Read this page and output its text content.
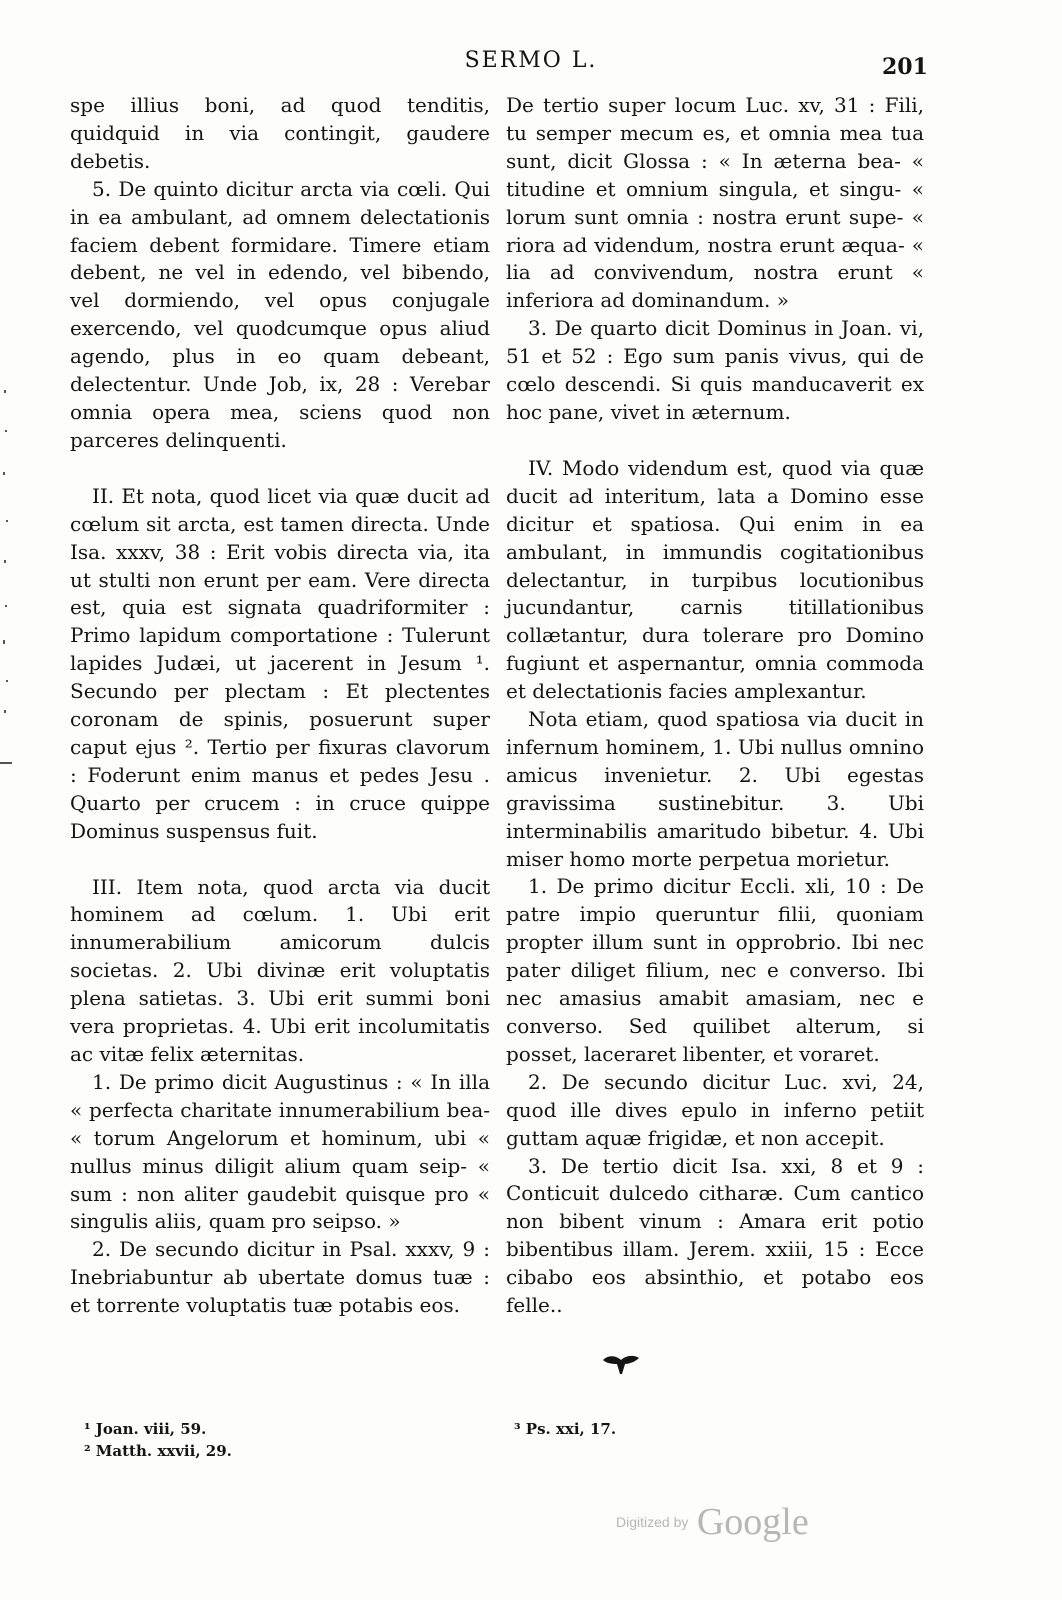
SERMO L.	201

spe illius boni, ad quod tenditis, quidquid in via contingit, gaudere debetis.

5. De quinto dicitur arcta via cœli. Qui in ea ambulant, ad omnem delectationis faciem debent formidare. Timere etiam debent, ne vel in edendo, vel bibendo, vel dormiendo, vel opus conjugale exercendo, vel quodcumque opus aliud agendo, plus in eo quam debeant, delectentur. Unde Job, ix, 28 : Verebar omnia opera mea, sciens quod non parceres delinquenti.

II. Et nota, quod licet via quæ ducit ad cœlum sit arcta, est tamen directa. Unde Isa. xxxv, 38 : Erit vobis directa via, ita ut stulti non erunt per eam. Vere directa est, quia est signata quadriformiter : Primo lapidum comportatione : Tulerunt lapides Judæi, ut jacerent in Jesum ¹. Secundo per plectam : Et plectentes coronam de spinis, posuerunt super caput ejus ². Tertio per fixuras clavorum : Foderunt enim manus et pedes Jesu . Quarto per crucem : in cruce quippe Dominus suspensus fuit.

III. Item nota, quod arcta via ducit hominem ad cœlum. 1. Ubi erit innumerabilium amicorum dulcis societas. 2. Ubi divinæ erit voluptatis plena satietas. 3. Ubi erit summi boni vera proprietas. 4. Ubi erit incolumitatis ac vitæ felix æternitas.

1. De primo dicit Augustinus : « In illa « perfecta charitate innumerabilium bea- « torum Angelorum et hominum, ubi « nullus minus diligit alium quam seip- « sum : non aliter gaudebit quisque pro « singulis aliis, quam pro seipso. »

2. De secundo dicitur in Psal. xxxv, 9 : Inebriabuntur ab ubertate domus tuæ : et torrente voluptatis tuæ potabis eos.

De tertio super locum Luc. xv, 31 : Fili, tu semper mecum es, et omnia mea tua sunt, dicit Glossa : « In æterna bea- « titudine et omnium singula, et singu- « lorum sunt omnia : nostra erunt supe- « riora ad videndum, nostra erunt æqua- « lia ad convivendum, nostra erunt « inferiora ad dominandum. »

3. De quarto dicit Dominus in Joan. vi, 51 et 52 : Ego sum panis vivus, qui de cœlo descendi. Si quis manducaverit ex hoc pane, vivet in æternum.

IV. Modo videndum est, quod via quæ ducit ad interitum, lata a Domino esse dicitur et spatiosa. Qui enim in ea ambulant, in immundis cogitationibus delectantur, in turpibus locutionibus jucundantur, carnis titillationibus collætantur, dura tolerare pro Domino fugiunt et aspernantur, omnia commoda et delectationis facies amplexantur.

Nota etiam, quod spatiosa via ducit in infernum hominem, 1. Ubi nullus omnino amicus invenietur. 2. Ubi egestas gravissima sustinebitur. 3. Ubi interminabilis amaritudo bibetur. 4. Ubi miser homo morte perpetua morietur.

1. De primo dicitur Eccli. xli, 10 : De patre impio queruntur filii, quoniam propter illum sunt in opprobrio. Ibi nec pater diliget filium, nec e converso. Ibi nec amasius amabit amasiam, nec e converso. Sed quilibet alterum, si posset, laceraret libenter, et voraret.

2. De secundo dicitur Luc. xvi, 24, quod ille dives epulo in inferno petiit guttam aquæ frigidæ, et non accepit.

3. De tertio dicit Isa. xxi, 8 et 9 : Conticuit dulcedo citharæ. Cum cantico non bibent vinum : Amara erit potio bibentibus illam. Jerem. xxiii, 15 : Ecce cibabo eos absinthio, et potabo eos felle..

¹ Joan. viii, 59.
² Matth. xxvii, 29.
³ Ps. xxi, 17.
Digitized by Google
